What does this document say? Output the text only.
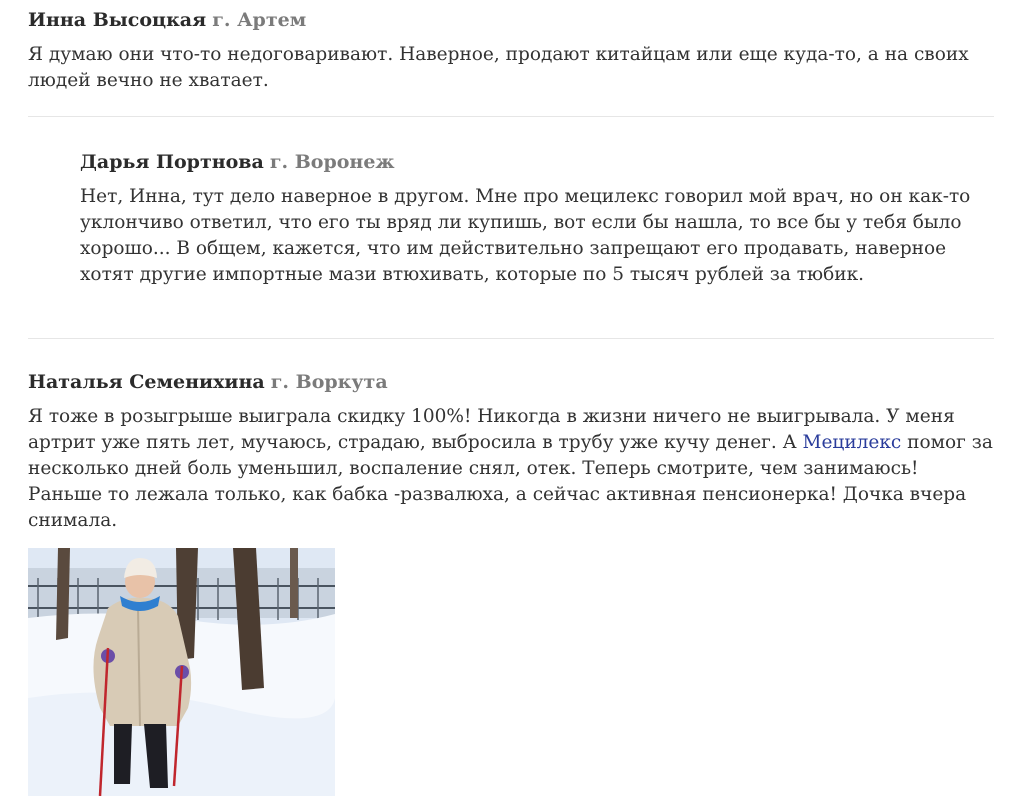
Инна Высоцкая г. Артем
Я думаю они что-то недоговаривают. Наверное, продают китайцам или еще куда-то, а на своих людей вечно не хватает.
Дарья Портнова г. Воронеж
Нет, Инна, тут дело наверное в другом. Мне про мецилекс говорил мой врач, но он как-то уклончиво ответил, что его ты вряд ли купишь, вот если бы нашла, то все бы у тебя было хорошо... В общем, кажется, что им действительно запрещают его продавать, наверное хотят другие импортные мази втюхивать, которые по 5 тысяч рублей за тюбик.
Наталья Семенихина г. Воркута
Я тоже в розыгрыше выиграла скидку 100%! Никогда в жизни ничего не выигрывала. У меня артрит уже пять лет, мучаюсь, страдаю, выбросила в трубу уже кучу денег. А Мецилекс помог за несколько дней боль уменьшил, воспаление снял, отек. Теперь смотрите, чем занимаюсь! Раньше то лежала только, как бабка -развалюха, а сейчас активная пенсионерка! Дочка вчера снимала.
